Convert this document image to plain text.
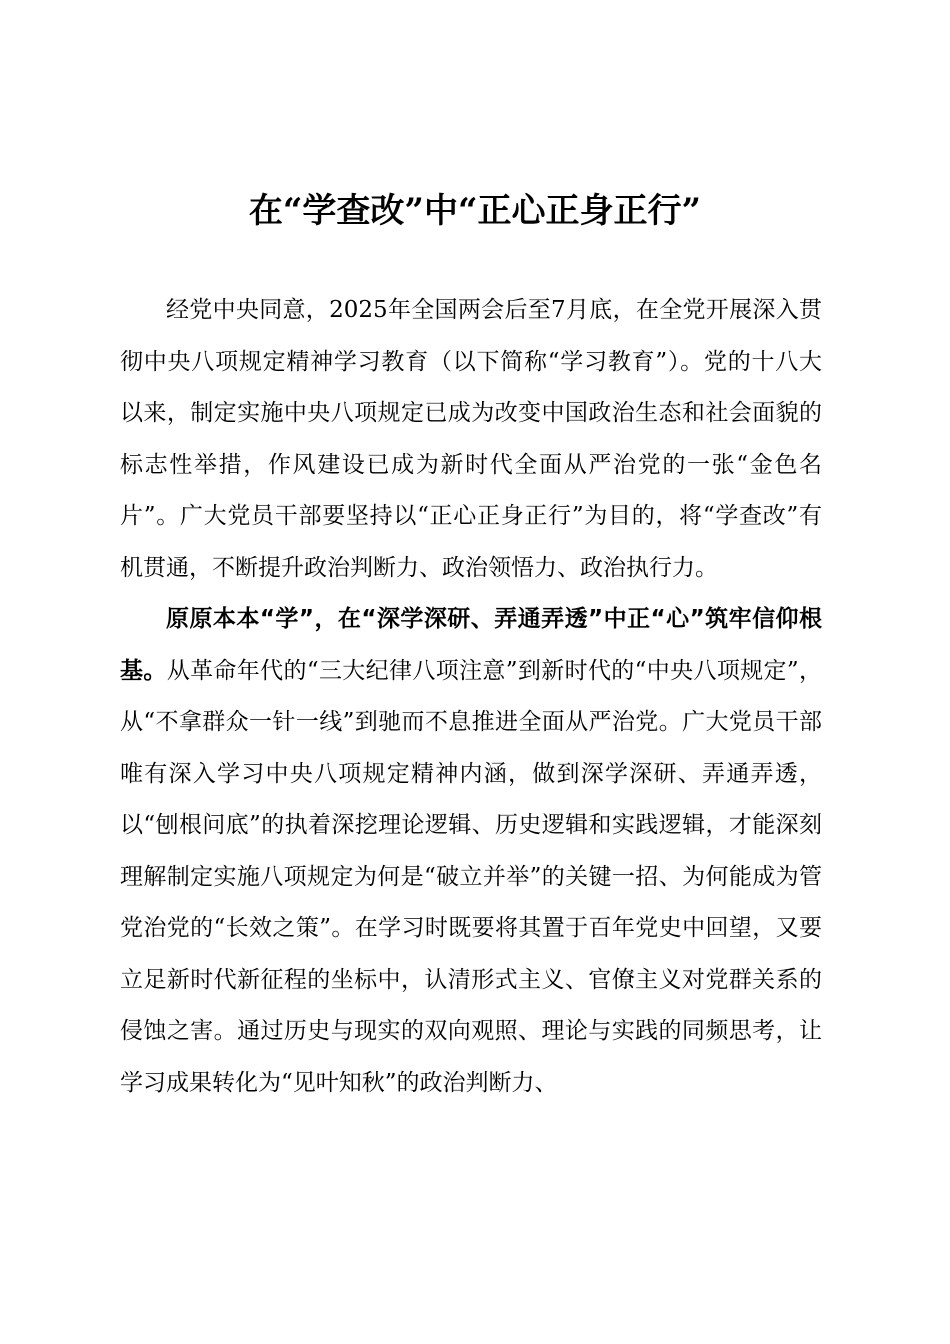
在“学查改”中“正心正身正行”

经党中央同意，2025年全国两会后至7月底，在全党开展深入贯彻中央八项规定精神学习教育（以下简称“学习教育”）。党的十八大以来，制定实施中央八项规定已成为改变中国政治生态和社会面貌的标志性举措，作风建设已成为新时代全面从严治党的一张“金色名片”。广大党员干部要坚持以“正心正身正行”为目的，将“学查改”有机贯通，不断提升政治判断力、政治领悟力、政治执行力。

原原本本“学”，在“深学深研、弄通弄透”中正“心”筑牢信仰根基。从革命年代的“三大纪律八项注意”到新时代的“中央八项规定”，从“不拿群众一针一线”到驰而不息推进全面从严治党。广大党员干部唯有深入学习中央八项规定精神内涵，做到深学深研、弄通弄透，以“刨根问底”的执着深挖理论逻辑、历史逻辑和实践逻辑，才能深刻理解制定实施八项规定为何是“破立并举”的关键一招、为何能成为管党治党的“长效之策”。在学习时既要将其置于百年党史中回望，又要立足新时代新征程的坐标中，认清形式主义、官僚主义对党群关系的侵蚀之害。通过历史与现实的双向观照、理论与实践的同频思考，让学习成果转化为“见叶知秋”的政治判断力、
